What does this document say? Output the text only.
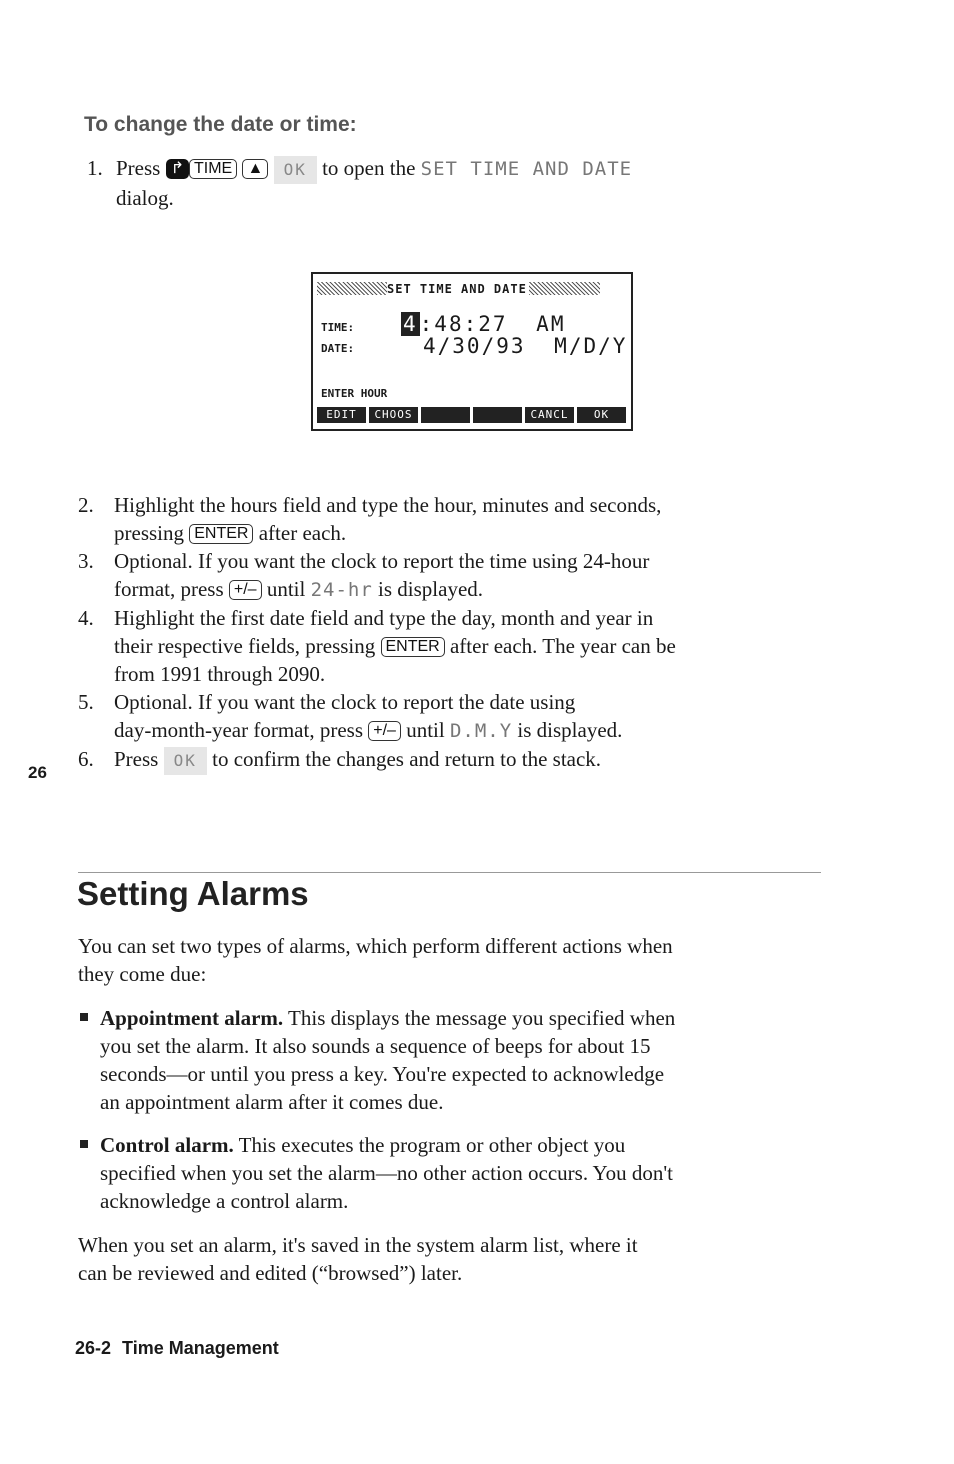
To change the date or time:
1. Press ↱ TIME ▲ OK to open the SET TIME AND DATE
dialog.
SET TIME AND DATE
TIME: 4:48:27 AM
DATE:	4/30/93 M/D/Y
ENTER HOUR
EDIT CHOOS	CANCL OK
2. Highlight the hours field and type the hour, minutes and seconds,
pressing ENTER after each.
3. Optional. If you want the clock to report the time using 24-hour
format, press +/– until 24-hr is displayed.
4. Highlight the first date field and type the day, month and year in
their respective fields, pressing ENTER after each. The year can be
from 1991 through 2090.
5. Optional. If you want the clock to report the date using
day-month-year format, press +/– until D.M.Y is displayed.
6. Press OK to confirm the changes and return to the stack.
26
Setting Alarms
You can set two types of alarms, which perform different actions when
they come due:
Appointment alarm. This displays the message you specified when
you set the alarm. It also sounds a sequence of beeps for about 15
seconds—or until you press a key. You're expected to acknowledge
an appointment alarm after it comes due.
Control alarm. This executes the program or other object you
specified when you set the alarm—no other action occurs. You don't
acknowledge a control alarm.
When you set an alarm, it's saved in the system alarm list, where it
can be reviewed and edited (“browsed”) later.
26-2 Time Management
